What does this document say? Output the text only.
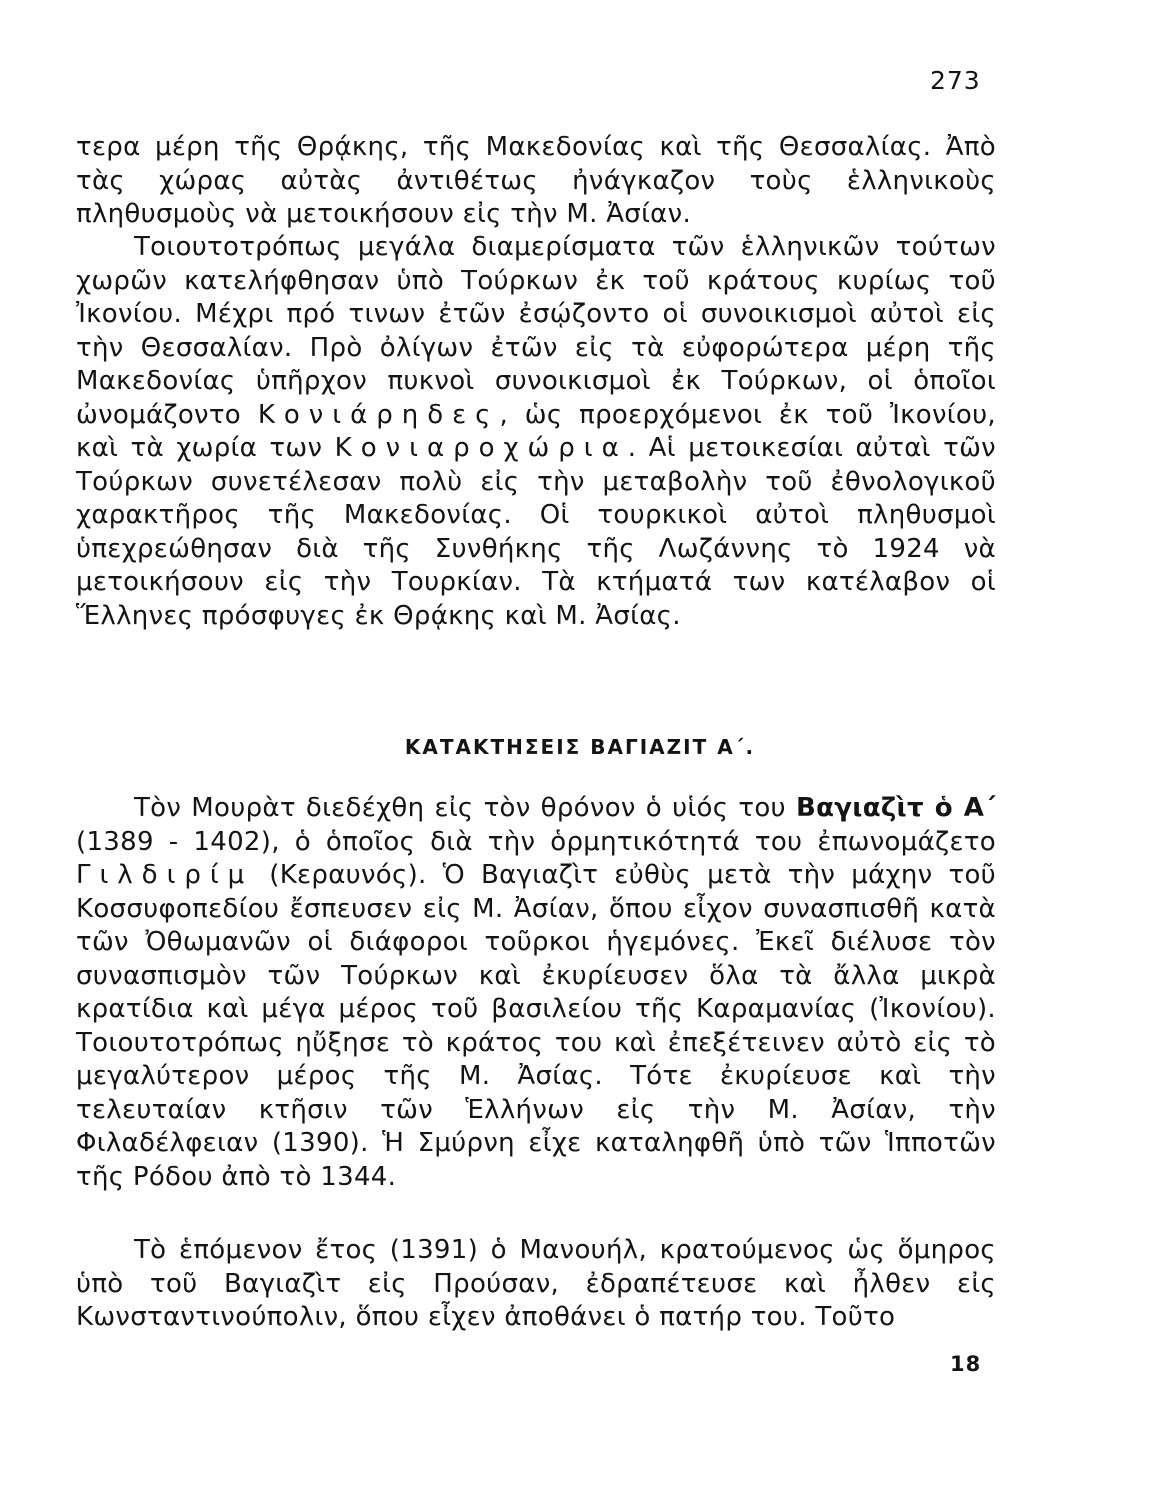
273

τερα μέρη τῆς Θρᾴκης, τῆς Μακεδονίας καὶ τῆς Θεσσαλίας. Ἀπὸ τὰς χώρας αὐτὰς ἀντιθέτως ἠνάγκαζον τοὺς ἑλληνικοὺς πληθυσμοὺς νὰ μετοικήσουν εἰς τὴν Μ. Ἀσίαν.

Τοιουτοτρόπως μεγάλα διαμερίσματα τῶν ἑλληνικῶν τούτων χωρῶν κατελήφθησαν ὑπὸ Τούρκων ἐκ τοῦ κράτους κυρίως τοῦ Ἰκονίου. Μέχρι πρό τινων ἐτῶν ἐσῴζοντο οἱ συνοικισμοὶ αὐτοὶ εἰς τὴν Θεσσαλίαν. Πρὸ ὀλίγων ἐτῶν εἰς τὰ εὐφορώτερα μέρη τῆς Μακεδονίας ὑπῆρχον πυκνοὶ συνοικισμοὶ ἐκ Τούρκων, οἱ ὁποῖοι ὠνομάζοντο Κονιάρηδες, ὡς προερχόμενοι ἐκ τοῦ Ἰκονίου, καὶ τὰ χωρία των Κονιαροχώρια. Αἱ μετοικεσίαι αὐταὶ τῶν Τούρκων συνετέλεσαν πολὺ εἰς τὴν μεταβολὴν τοῦ ἐθνολογικοῦ χαρακτῆρος τῆς Μακεδονίας. Οἱ τουρκικοὶ αὐτοὶ πληθυσμοὶ ὑπεχρεώθησαν διὰ τῆς Συνθήκης τῆς Λωζάννης τὸ 1924 νὰ μετοικήσουν εἰς τὴν Τουρκίαν. Τὰ κτήματά των κατέλαβον οἱ Ἕλληνες πρόσφυγες ἐκ Θρᾴκης καὶ Μ. Ἀσίας.

ΚΑΤΑΚΤΗΣΕΙΣ ΒΑΓΙΑΖΙΤ Α΄.

Τὸν Μουρὰτ διεδέχθη εἰς τὸν θρόνον ὁ υἱός του Βαγιαζὶτ ὁ Α΄ (1389 - 1402), ὁ ὁποῖος διὰ τὴν ὁρμητικότητά του ἐπωνομάζετο Γιλδιρίμ (Κεραυνός). Ὁ Βαγιαζὶτ εὐθὺς μετὰ τὴν μάχην τοῦ Κοσσυφοπεδίου ἔσπευσεν εἰς Μ. Ἀσίαν, ὅπου εἶχον συνασπισθῆ κατὰ τῶν Ὀθωμανῶν οἱ διάφοροι τοῦρκοι ἡγεμόνες. Ἐκεῖ διέλυσε τὸν συνασπισμὸν τῶν Τούρκων καὶ ἐκυρίευσεν ὅλα τὰ ἄλλα μικρὰ κρατίδια καὶ μέγα μέρος τοῦ βασιλείου τῆς Καραμανίας (Ἰκονίου). Τοιουτοτρόπως ηὔξησε τὸ κράτος του καὶ ἐπεξέτεινεν αὐτὸ εἰς τὸ μεγαλύτερον μέρος τῆς Μ. Ἀσίας. Τότε ἐκυρίευσε καὶ τὴν τελευταίαν κτῆσιν τῶν Ἑλλήνων εἰς τὴν Μ. Ἀσίαν, τὴν Φιλαδέλφειαν (1390). Ἡ Σμύρνη εἶχε καταληφθῆ ὑπὸ τῶν Ἱπποτῶν τῆς Ρόδου ἀπὸ τὸ 1344.

Τὸ ἑπόμενον ἔτος (1391) ὁ Μανουήλ, κρατούμενος ὡς ὅμηρος ὑπὸ τοῦ Βαγιαζὶτ εἰς Προύσαν, ἐδραπέτευσε καὶ ἦλθεν εἰς Κωνσταντινούπολιν, ὅπου εἶχεν ἀποθάνει ὁ πατήρ του. Τοῦτο

18
